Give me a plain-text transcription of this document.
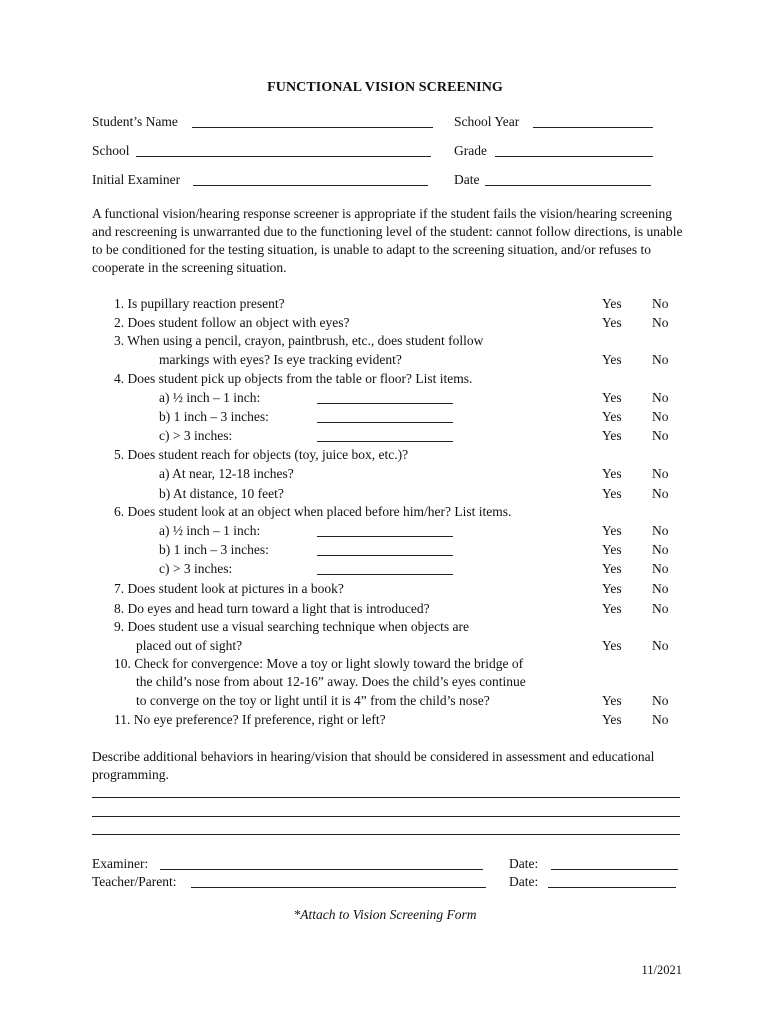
FUNCTIONAL VISION SCREENING
Student’s Name	School Year
School	Grade
Initial Examiner	Date
A functional vision/hearing response screener is appropriate if the student fails the vision/hearing screening and rescreening is unwarranted due to the functioning level of the student: cannot follow directions, is unable to be conditioned for the testing situation, is unable to adapt to the screening situation, and/or refuses to cooperate in the screening situation.
1. Is pupillary reaction present?	Yes No
2. Does student follow an object with eyes?	Yes No
3. When using a pencil, crayon, paintbrush, etc., does student follow
markings with eyes? Is eye tracking evident?	Yes No
4. Does student pick up objects from the table or floor? List items.
a) ½ inch – 1 inch:	Yes No
b) 1 inch – 3 inches:	Yes No
c) > 3 inches:	Yes No
5. Does student reach for objects (toy, juice box, etc.)?
a) At near, 12-18 inches?	Yes No
b) At distance, 10 feet?	Yes No
6. Does student look at an object when placed before him/her? List items.
a) ½ inch – 1 inch:	Yes No
b) 1 inch – 3 inches:	Yes No
c) > 3 inches:	Yes No
7. Does student look at pictures in a book?	Yes No
8. Do eyes and head turn toward a light that is introduced?	Yes No
9. Does student use a visual searching technique when objects are
placed out of sight?	Yes No
10. Check for convergence: Move a toy or light slowly toward the bridge of
the child’s nose from about 12-16” away. Does the child’s eyes continue
to converge on the toy or light until it is 4” from the child’s nose?	Yes No
11. No eye preference? If preference, right or left?	Yes No
Describe additional behaviors in hearing/vision that should be considered in assessment and educational programming.
Examiner:	Date:
Teacher/Parent:	Date:
*Attach to Vision Screening Form
11/2021
